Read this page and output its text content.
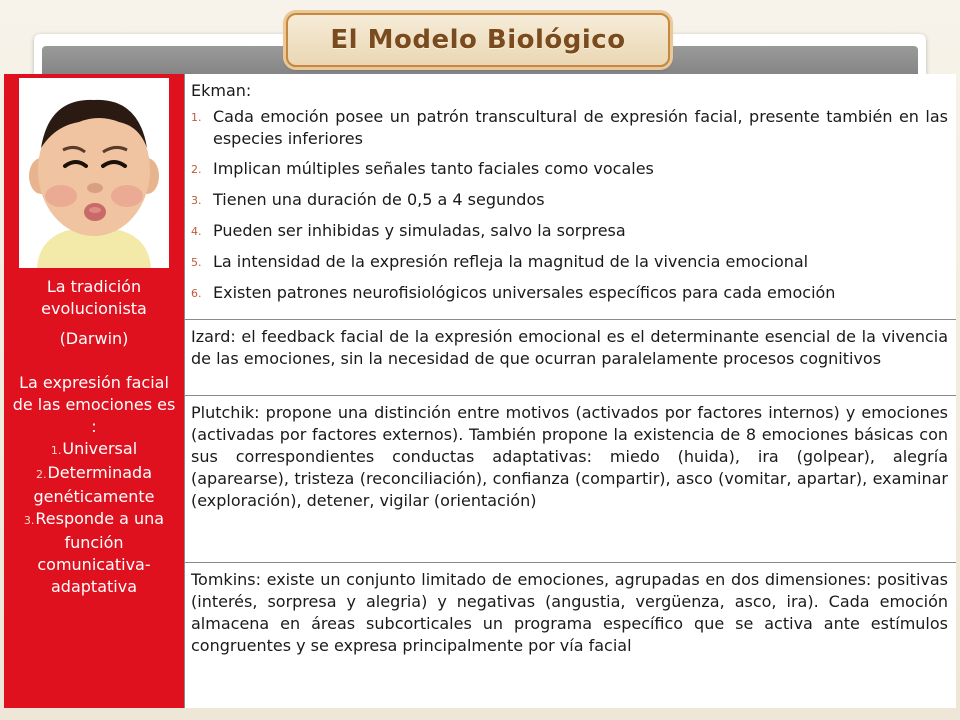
El Modelo Biológico
La tradición evolucionista
(Darwin)
La expresión facial de las emociones es :
1.Universal
2.Determinada genéticamente
3.Responde a una función comunicativa-adaptativa
Ekman:
1. Cada emoción posee un patrón transcultural de expresión facial, presente también en las especies inferiores
2. Implican múltiples señales tanto faciales como vocales
3. Tienen una duración de 0,5 a 4 segundos
4. Pueden ser inhibidas y simuladas, salvo la sorpresa
5. La intensidad de la expresión refleja la magnitud de la vivencia emocional
6. Existen patrones neurofisiológicos universales específicos para cada emoción
Izard: el feedback facial de la expresión emocional es el determinante esencial de la vivencia de las emociones, sin la necesidad de que ocurran paralelamente procesos cognitivos
Plutchik: propone una distinción entre motivos (activados por factores internos) y emociones (activadas por factores externos). También propone la existencia de 8 emociones básicas con sus correspondientes conductas adaptativas: miedo (huida), ira (golpear), alegría (aparearse), tristeza (reconciliación), confianza (compartir), asco (vomitar, apartar), examinar (exploración), detener, vigilar (orientación)
Tomkins: existe un conjunto limitado de emociones, agrupadas en dos dimensiones: positivas (interés, sorpresa y alegria) y negativas (angustia, vergüenza, asco, ira). Cada emoción almacena en áreas subcorticales un programa específico que se activa ante estímulos congruentes y se expresa principalmente por vía facial
